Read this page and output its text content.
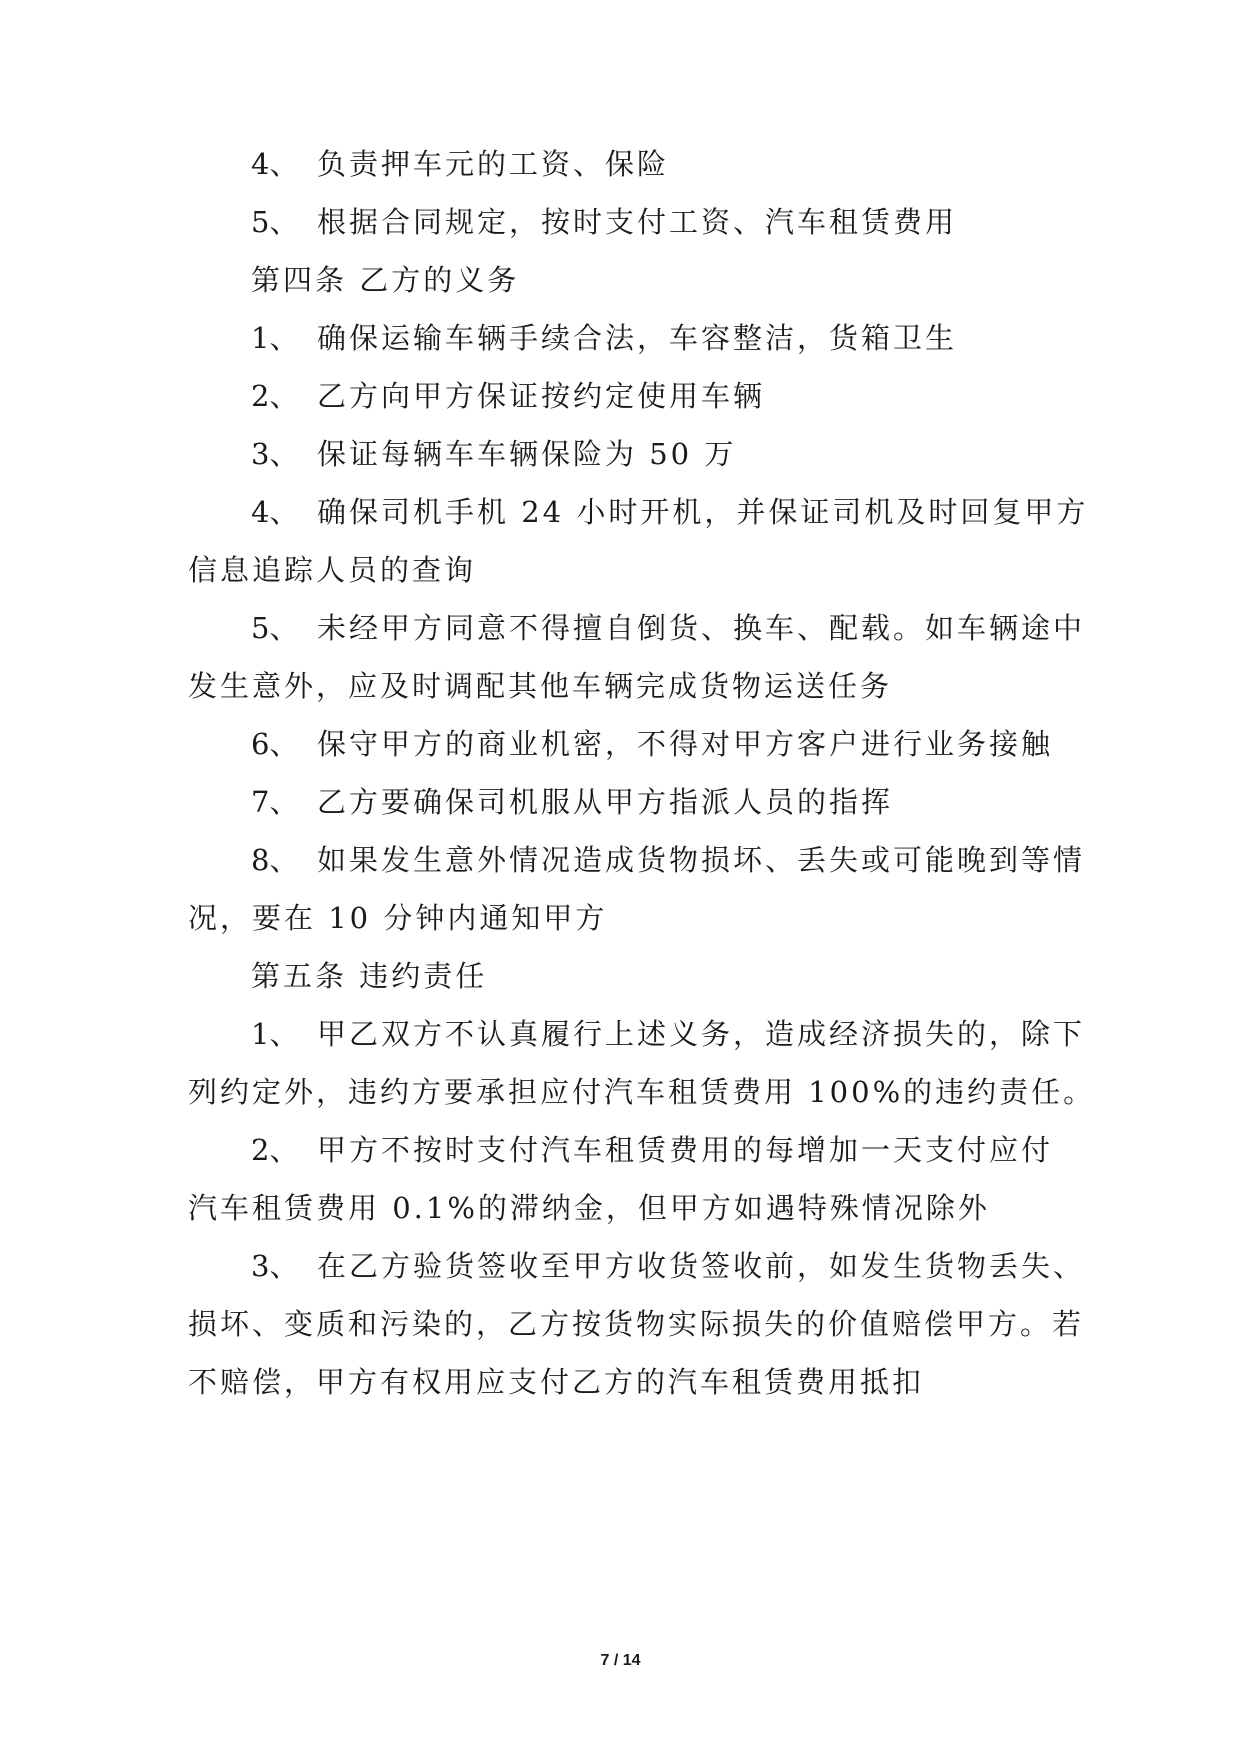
4、 负责押车元的工资、保险
5、 根据合同规定，按时支付工资、汽车租赁费用
第四条 乙方的义务
1、 确保运输车辆手续合法，车容整洁，货箱卫生
2、 乙方向甲方保证按约定使用车辆
3、 保证每辆车车辆保险为 50 万
4、 确保司机手机 24 小时开机，并保证司机及时回复甲方
信息追踪人员的查询
5、 未经甲方同意不得擅自倒货、换车、配载。如车辆途中
发生意外，应及时调配其他车辆完成货物运送任务
6、 保守甲方的商业机密，不得对甲方客户进行业务接触
7、 乙方要确保司机服从甲方指派人员的指挥
8、 如果发生意外情况造成货物损坏、丢失或可能晚到等情
况，要在 10 分钟内通知甲方
第五条 违约责任
1、 甲乙双方不认真履行上述义务，造成经济损失的，除下
列约定外，违约方要承担应付汽车租赁费用 100%的违约责任。
2、 甲方不按时支付汽车租赁费用的每增加一天支付应付
汽车租赁费用 0.1%的滞纳金，但甲方如遇特殊情况除外
3、 在乙方验货签收至甲方收货签收前，如发生货物丢失、
损坏、变质和污染的，乙方按货物实际损失的价值赔偿甲方。若
不赔偿，甲方有权用应支付乙方的汽车租赁费用抵扣
7 / 14
